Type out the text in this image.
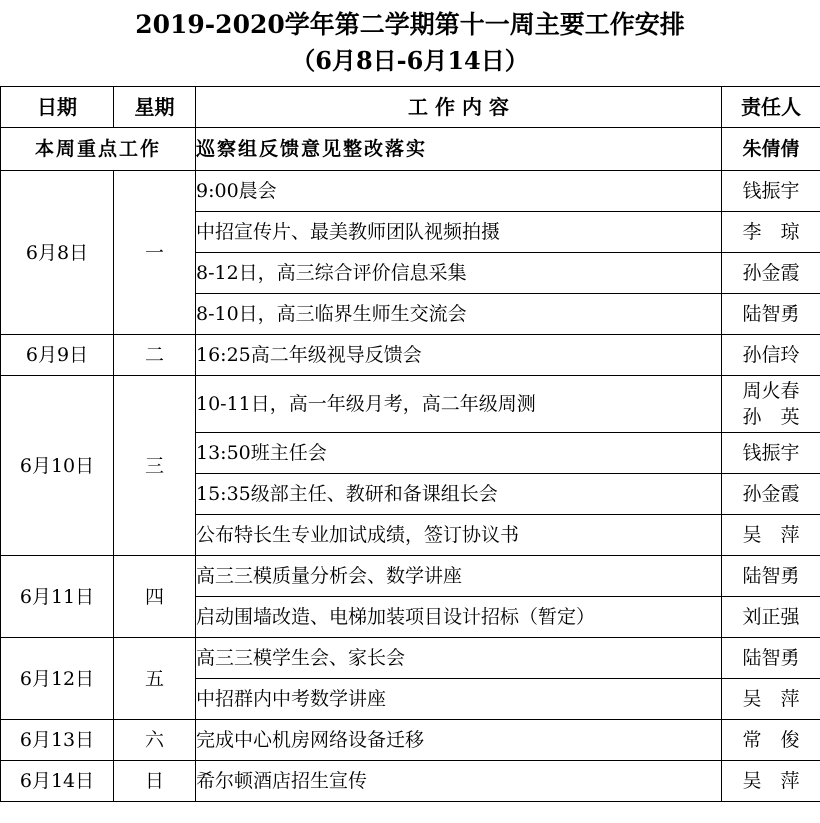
2019-2020学年第二学期第十一周主要工作安排
（6月8日-6月14日）
日期	星期	工 作 内 容	责任人
本周重点工作		巡察组反馈意见整改落实	朱倩倩
6月8日	一	9:00晨会	钱振宇
		中招宣传片、最美教师团队视频拍摄	李　琼
		8-12日，高三综合评价信息采集	孙金霞
		8-10日，高三临界生师生交流会	陆智勇
6月9日	二	16:25高二年级视导反馈会	孙信玲
6月10日	三	10-11日，高一年级月考，高二年级周测	周火春
孙　英

		13:50班主任会	钱振宇
		15:35级部主任、教研和备课组长会	孙金霞
		公布特长生专业加试成绩，签订协议书	吴　萍
6月11日	四	高三三模质量分析会、数学讲座	陆智勇
		启动围墙改造、电梯加装项目设计招标（暂定）	刘正强
6月12日	五	高三三模学生会、家长会	陆智勇
		中招群内中考数学讲座	吴　萍
6月13日	六	完成中心机房网络设备迁移	常　俊
6月14日	日	希尔顿酒店招生宣传	吴　萍
